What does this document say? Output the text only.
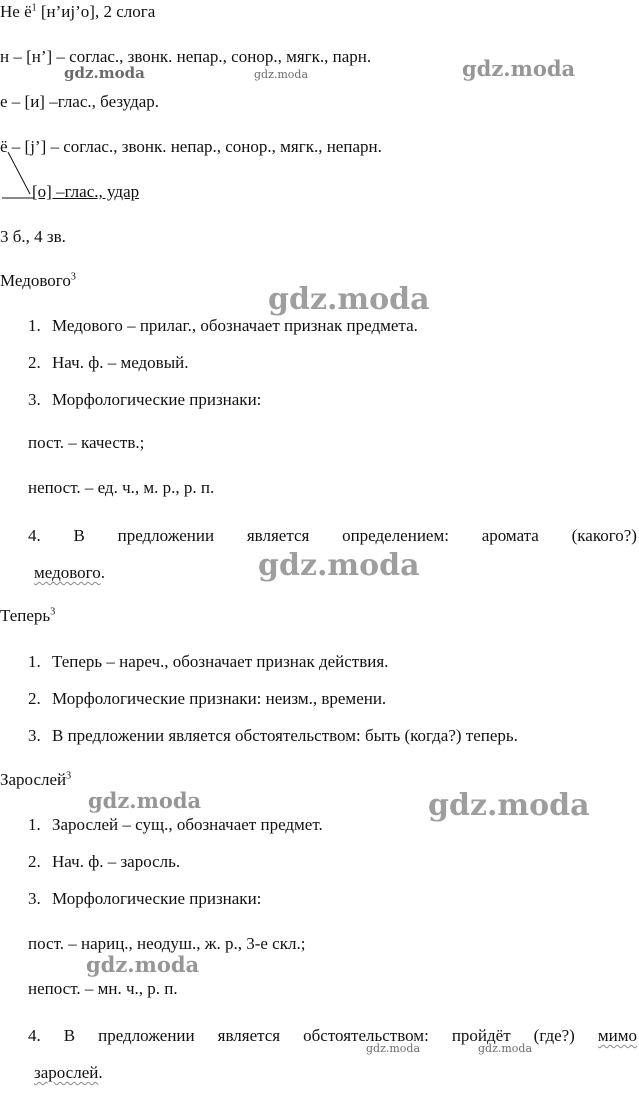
Не $ё^1$ [н’иj’о], 2 слога
н – [н’] – соглас., звонк. непар., сонор., мягк., парн.
е – [и] –глас., безудар.
ё – [j’] – соглас., звонк. непар., сонор., мягк., непарн.
[о] –глас., удар
3 б., 4 зв.
Медового$^3$
1. Медового – прилаг., обозначает признак предмета.
2. Нач. ф. – медовый.
3. Морфологические признаки:
пост. – качеств.;
непост. – ед. ч., м. р., р. п.
4. В предложении является определением: аромата (какого?)
медового.
Теперь$^3$
1. Теперь – нареч., обозначает признак действия.
2. Морфологические признаки: неизм., времени.
3. В предложении является обстоятельством: быть (когда?) теперь.
Зарослей$^3$
1. Зарослей – сущ., обозначает предмет.
2. Нач. ф. – заросль.
3. Морфологические признаки:
пост. – нариц., неодуш., ж. р., 3-е скл.;
непост. – мн. ч., р. п.
4. В предложении является обстоятельством: пройдёт (где?) мимо
зарослей.
gdz.moda
gdz.moda	gdz.moda
gdz.moda
gdz.moda
gdz.moda	gdz.moda
gdz.moda
gdz.moda	gdz.moda
